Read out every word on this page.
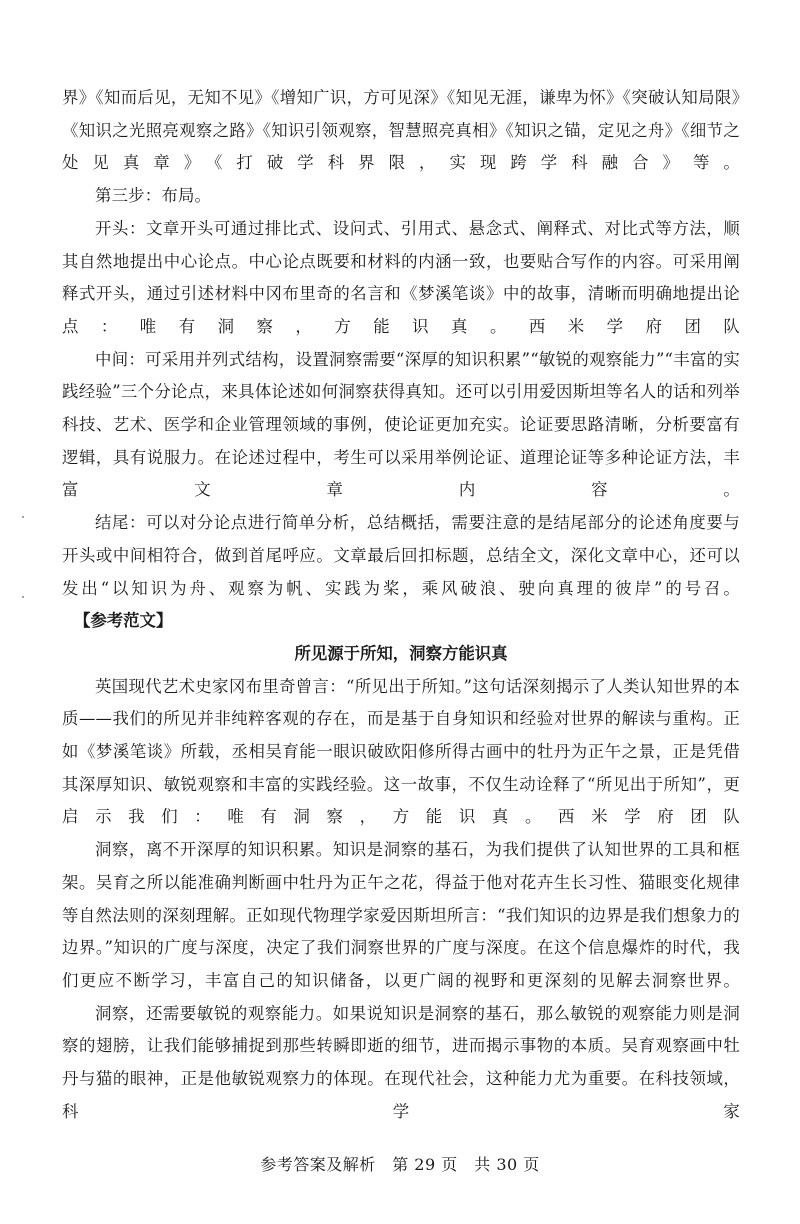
界》《知而后见，无知不见》《增知广识，方可见深》《知见无涯，谦卑为怀》《突破认知局限》《知识之光照亮观察之路》《知识引领观察，智慧照亮真相》《知识之锚，定见之舟》《细节之处见真章》《打破学科界限，实现跨学科融合》等。

第三步：布局。

开头：文章开头可通过排比式、设问式、引用式、悬念式、阐释式、对比式等方法，顺其自然地提出中心论点。中心论点既要和材料的内涵一致，也要贴合写作的内容。可采用阐释式开头，通过引述材料中冈布里奇的名言和《梦溪笔谈》中的故事，清晰而明确地提出论点：唯有洞察，方能识真。西米学府团队

中间：可采用并列式结构，设置洞察需要“深厚的知识积累”“敏锐的观察能力”“丰富的实践经验”三个分论点，来具体论述如何洞察获得真知。还可以引用爱因斯坦等名人的话和列举科技、艺术、医学和企业管理领域的事例，使论证更加充实。论证要思路清晰，分析要富有逻辑，具有说服力。在论述过程中，考生可以采用举例论证、道理论证等多种论证方法，丰富文章内容。

结尾：可以对分论点进行简单分析，总结概括，需要注意的是结尾部分的论述角度要与开头或中间相符合，做到首尾呼应。文章最后回扣标题，总结全文，深化文章中心，还可以发出“以知识为舟、观察为帆、实践为桨，乘风破浪、驶向真理的彼岸”的号召。

【参考范文】

所见源于所知，洞察方能识真

英国现代艺术史家冈布里奇曾言：“所见出于所知。”这句话深刻揭示了人类认知世界的本质——我们的所见并非纯粹客观的存在，而是基于自身知识和经验对世界的解读与重构。正如《梦溪笔谈》所载，丞相吴育能一眼识破欧阳修所得古画中的牡丹为正午之景，正是凭借其深厚知识、敏锐观察和丰富的实践经验。这一故事，不仅生动诠释了“所见出于所知”，更启示我们：唯有洞察，方能识真。西米学府团队

洞察，离不开深厚的知识积累。知识是洞察的基石，为我们提供了认知世界的工具和框架。吴育之所以能准确判断画中牡丹为正午之花，得益于他对花卉生长习性、猫眼变化规律等自然法则的深刻理解。正如现代物理学家爱因斯坦所言：“我们知识的边界是我们想象力的边界。”知识的广度与深度，决定了我们洞察世界的广度与深度。在这个信息爆炸的时代，我们更应不断学习，丰富自己的知识储备，以更广阔的视野和更深刻的见解去洞察世界。

洞察，还需要敏锐的观察能力。如果说知识是洞察的基石，那么敏锐的观察能力则是洞察的翅膀，让我们能够捕捉到那些转瞬即逝的细节，进而揭示事物的本质。吴育观察画中牡丹与猫的眼神，正是他敏锐观察力的体现。在现代社会，这种能力尤为重要。在科技领域，科学家

参考答案及解析　第 29 页　共 30 页
